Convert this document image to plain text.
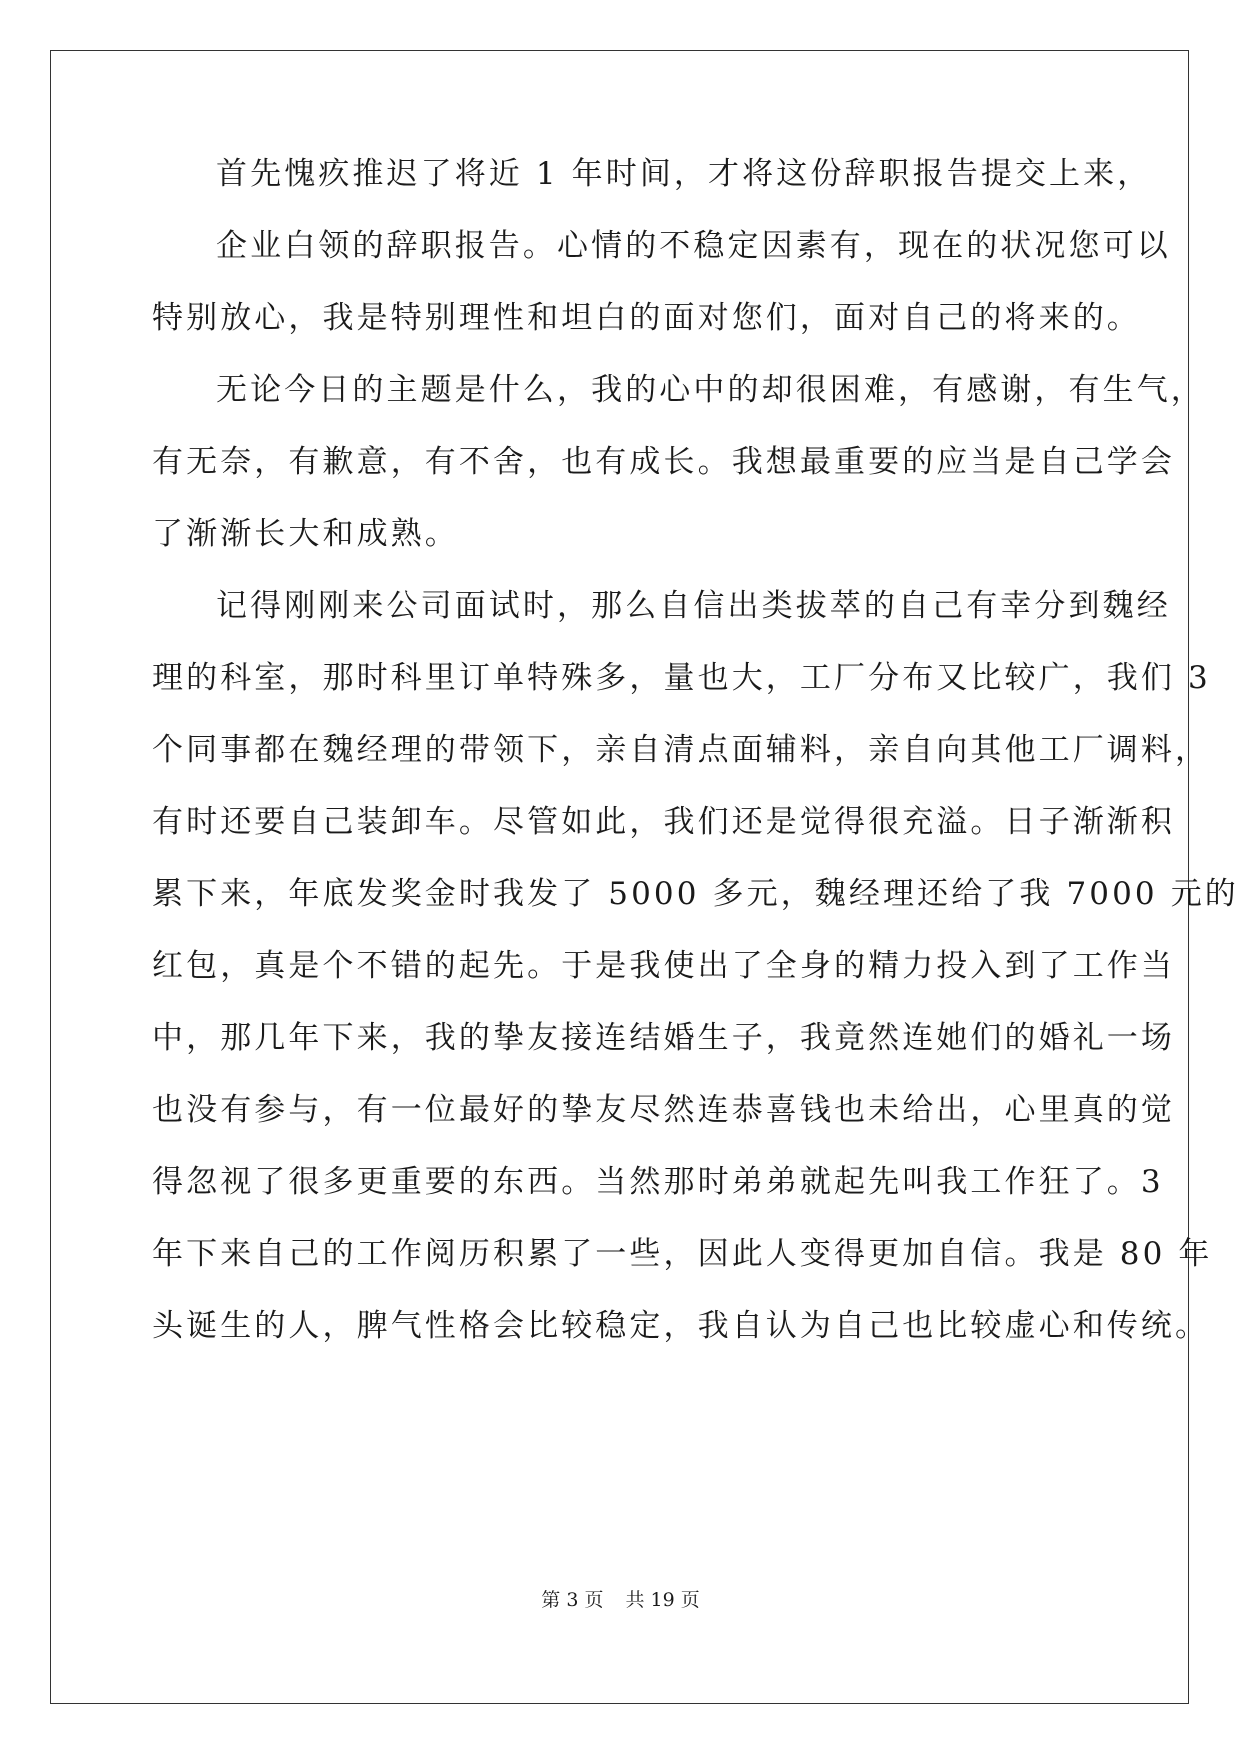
首先愧疚推迟了将近 1 年时间，才将这份辞职报告提交上来，
企业白领的辞职报告。心情的不稳定因素有，现在的状况您可以
特别放心，我是特别理性和坦白的面对您们，面对自己的将来的。
无论今日的主题是什么，我的心中的却很困难，有感谢，有生气，
有无奈，有歉意，有不舍，也有成长。我想最重要的应当是自己学会
了渐渐长大和成熟。
记得刚刚来公司面试时，那么自信出类拔萃的自己有幸分到魏经
理的科室，那时科里订单特殊多，量也大，工厂分布又比较广，我们 3
个同事都在魏经理的带领下，亲自清点面辅料，亲自向其他工厂调料，
有时还要自己装卸车。尽管如此，我们还是觉得很充溢。日子渐渐积
累下来，年底发奖金时我发了 5000 多元，魏经理还给了我 7000 元的
红包，真是个不错的起先。于是我使出了全身的精力投入到了工作当
中，那几年下来，我的挚友接连结婚生子，我竟然连她们的婚礼一场
也没有参与，有一位最好的挚友尽然连恭喜钱也未给出，心里真的觉
得忽视了很多更重要的东西。当然那时弟弟就起先叫我工作狂了。3
年下来自己的工作阅历积累了一些，因此人变得更加自信。我是 80 年
头诞生的人，脾气性格会比较稳定，我自认为自己也比较虚心和传统。
第 3 页 共 19 页
